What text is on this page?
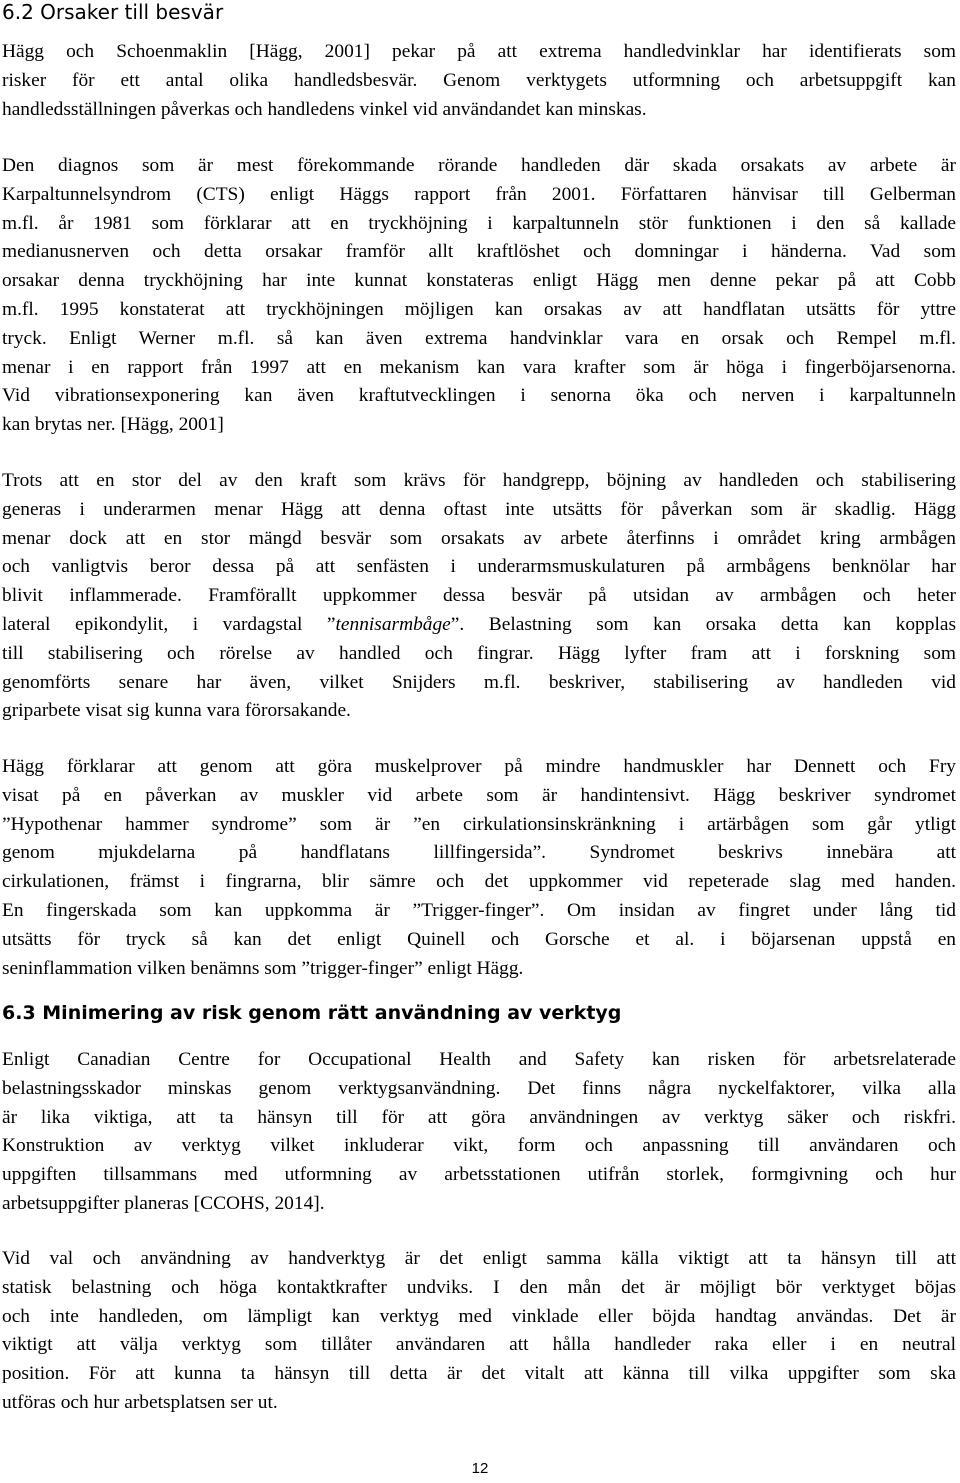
6.2 Orsaker till besvär
Hägg och Schoenmaklin [Hägg, 2001] pekar på att extrema handledvinklar har identifierats som
risker för ett antal olika handledsbesvär. Genom verktygets utformning och arbetsuppgift kan
handledsställningen påverkas och handledens vinkel vid användandet kan minskas.
Den diagnos som är mest förekommande rörande handleden där skada orsakats av arbete är
Karpaltunnelsyndrom (CTS) enligt Häggs rapport från 2001. Författaren hänvisar till Gelberman
m.fl. år 1981 som förklarar att en tryckhöjning i karpaltunneln stör funktionen i den så kallade
medianusnerven och detta orsakar framför allt kraftlöshet och domningar i händerna. Vad som
orsakar denna tryckhöjning har inte kunnat konstateras enligt Hägg men denne pekar på att Cobb
m.fl. 1995 konstaterat att tryckhöjningen möjligen kan orsakas av att handflatan utsätts för yttre
tryck. Enligt Werner m.fl. så kan även extrema handvinklar vara en orsak och Rempel m.fl.
menar i en rapport från 1997 att en mekanism kan vara krafter som är höga i fingerböjarsenorna.
Vid vibrationsexponering kan även kraftutvecklingen i senorna öka och nerven i karpaltunneln
kan brytas ner. [Hägg, 2001]
Trots att en stor del av den kraft som krävs för handgrepp, böjning av handleden och stabilisering
generas i underarmen menar Hägg att denna oftast inte utsätts för påverkan som är skadlig. Hägg
menar dock att en stor mängd besvär som orsakats av arbete återfinns i området kring armbågen
och vanligtvis beror dessa på att senfästen i underarmsmuskulaturen på armbågens benknölar har
blivit inflammerade. Framförallt uppkommer dessa besvär på utsidan av armbågen och heter
lateral epikondylit, i vardagstal ”tennisarmbåge”. Belastning som kan orsaka detta kan kopplas
till stabilisering och rörelse av handled och fingrar. Hägg lyfter fram att i forskning som
genomförts senare har även, vilket Snijders m.fl. beskriver, stabilisering av handleden vid
griparbete visat sig kunna vara förorsakande.
Hägg förklarar att genom att göra muskelprover på mindre handmuskler har Dennett och Fry
visat på en påverkan av muskler vid arbete som är handintensivt. Hägg beskriver syndromet
”Hypothenar hammer syndrome” som är ”en cirkulationsinskränkning i artärbågen som går ytligt
genom mjukdelarna på handflatans lillfingersida”. Syndromet beskrivs innebära att
cirkulationen, främst i fingrarna, blir sämre och det uppkommer vid repeterade slag med handen.
En fingerskada som kan uppkomma är ”Trigger-finger”. Om insidan av fingret under lång tid
utsätts för tryck så kan det enligt Quinell och Gorsche et al. i böjarsenan uppstå en
seninflammation vilken benämns som ”trigger-finger” enligt Hägg.
6.3 Minimering av risk genom rätt användning av verktyg
Enligt Canadian Centre for Occupational Health and Safety kan risken för arbetsrelaterade
belastningsskador minskas genom verktygsanvändning. Det finns några nyckelfaktorer, vilka alla
är lika viktiga, att ta hänsyn till för att göra användningen av verktyg säker och riskfri.
Konstruktion av verktyg vilket inkluderar vikt, form och anpassning till användaren och
uppgiften tillsammans med utformning av arbetsstationen utifrån storlek, formgivning och hur
arbetsuppgifter planeras [CCOHS, 2014].
Vid val och användning av handverktyg är det enligt samma källa viktigt att ta hänsyn till att
statisk belastning och höga kontaktkrafter undviks. I den mån det är möjligt bör verktyget böjas
och inte handleden, om lämpligt kan verktyg med vinklade eller böjda handtag användas. Det är
viktigt att välja verktyg som tillåter användaren att hålla handleder raka eller i en neutral
position. För att kunna ta hänsyn till detta är det vitalt att känna till vilka uppgifter som ska
utföras och hur arbetsplatsen ser ut.
12
